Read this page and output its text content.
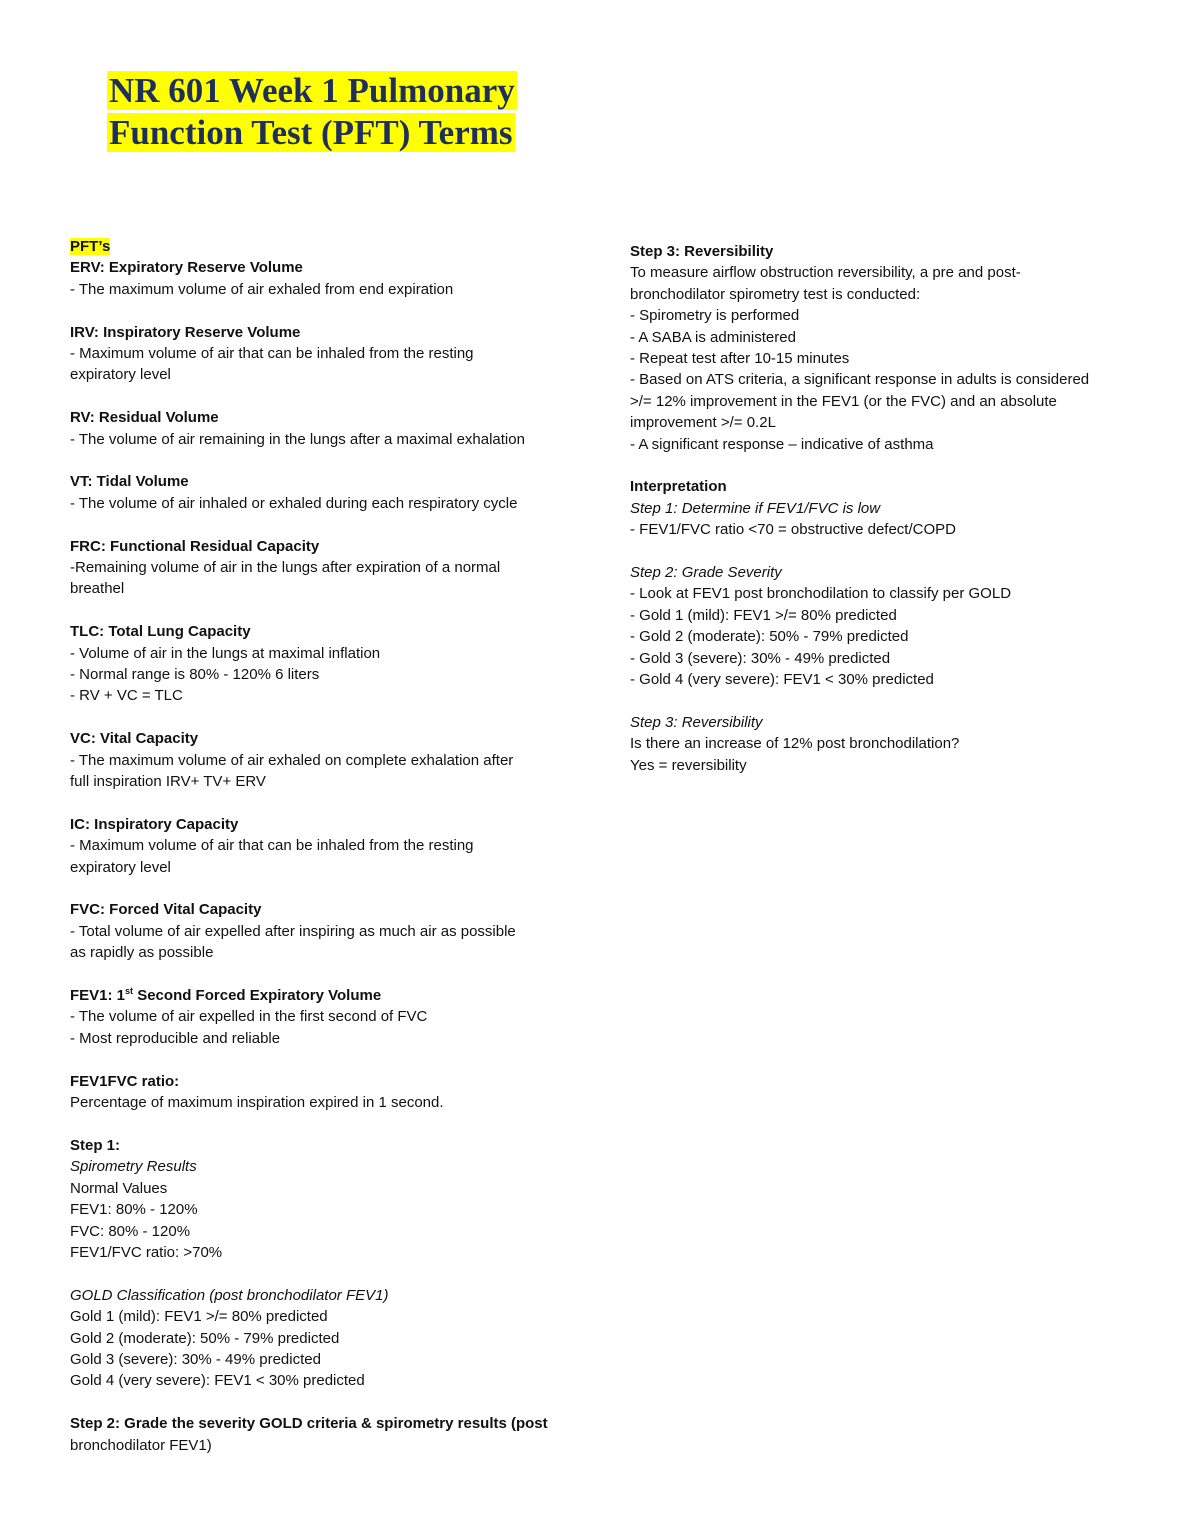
NR 601 Week 1 Pulmonary
Function Test (PFT) Terms

PFT’s

ERV: Expiratory Reserve Volume

- The maximum volume of air exhaled from end expiration

IRV: Inspiratory Reserve Volume

- Maximum volume of air that can be inhaled from the resting

expiratory level

RV: Residual Volume

- The volume of air remaining in the lungs after a maximal exhalation

VT: Tidal Volume

- The volume of air inhaled or exhaled during each respiratory cycle

FRC: Functional Residual Capacity

-Remaining volume of air in the lungs after expiration of a normal

breathel

TLC: Total Lung Capacity

- Volume of air in the lungs at maximal inflation

- Normal range is 80% - 120% 6 liters

- RV + VC = TLC

VC: Vital Capacity

- The maximum volume of air exhaled on complete exhalation after

full inspiration IRV+ TV+ ERV

IC: Inspiratory Capacity

- Maximum volume of air that can be inhaled from the resting

expiratory level

FVC: Forced Vital Capacity

- Total volume of air expelled after inspiring as much air as possible

as rapidly as possible

FEV1: 1st Second Forced Expiratory Volume

- The volume of air expelled in the first second of FVC

- Most reproducible and reliable

FEV1FVC ratio:

Percentage of maximum inspiration expired in 1 second.

Step 1:

Spirometry Results

Normal Values

FEV1: 80% - 120%

FVC: 80% - 120%

FEV1/FVC ratio: >70%

GOLD Classification (post bronchodilator FEV1)

Gold 1 (mild): FEV1 >/= 80% predicted

Gold 2 (moderate): 50% - 79% predicted

Gold 3 (severe): 30% - 49% predicted

Gold 4 (very severe): FEV1 < 30% predicted

Step 2: Grade the severity GOLD criteria & spirometry results (post

bronchodilator FEV1)

Step 3: Reversibility

To measure airflow obstruction reversibility, a pre and post-

bronchodilator spirometry test is conducted:

- Spirometry is performed

- A SABA is administered

- Repeat test after 10-15 minutes

- Based on ATS criteria, a significant response in adults is considered

>/= 12% improvement in the FEV1 (or the FVC) and an absolute

improvement >/= 0.2L

- A significant response – indicative of asthma

Interpretation

Step 1: Determine if FEV1/FVC is low

- FEV1/FVC ratio <70 = obstructive defect/COPD

Step 2: Grade Severity

- Look at FEV1 post bronchodilation to classify per GOLD

- Gold 1 (mild): FEV1 >/= 80% predicted

- Gold 2 (moderate): 50% - 79% predicted

- Gold 3 (severe): 30% - 49% predicted

- Gold 4 (very severe): FEV1 < 30% predicted

Step 3: Reversibility

Is there an increase of 12% post bronchodilation?

Yes = reversibility
